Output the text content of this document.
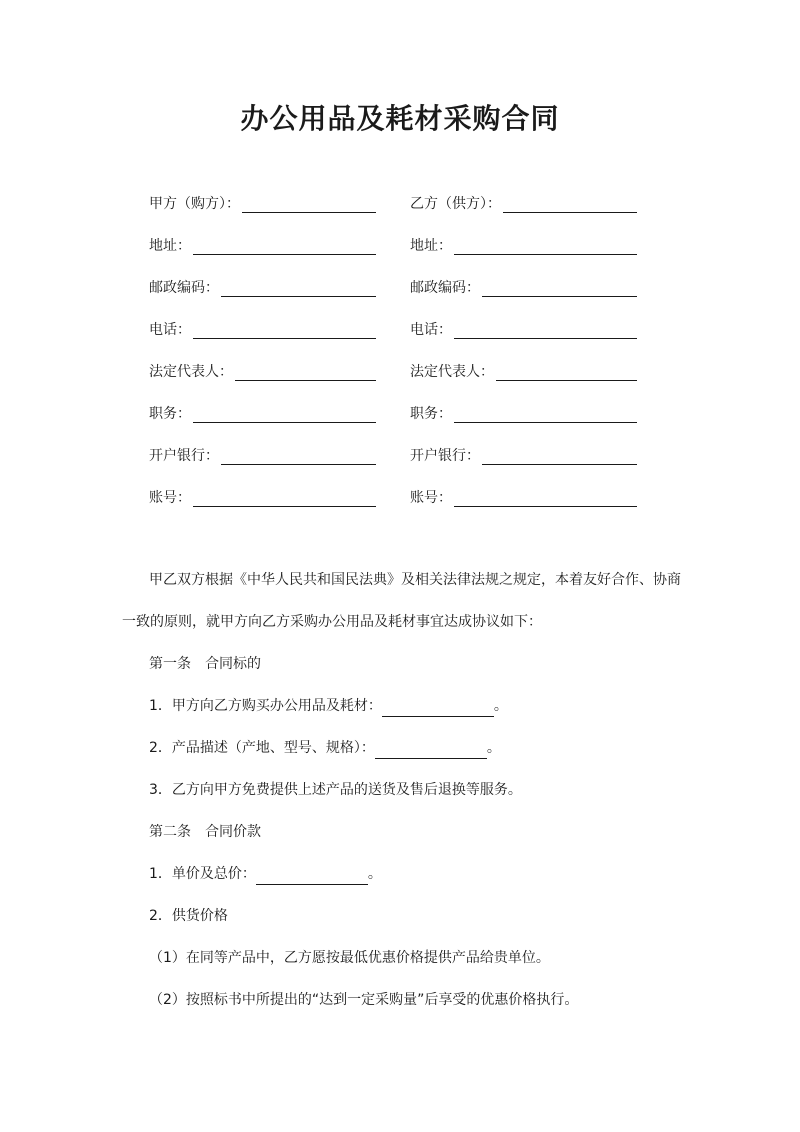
办公用品及耗材采购合同
甲方（购方）：	乙方（供方）：
地址：	地址：
邮政编码：	邮政编码：
电话：	电话：
法定代表人：	法定代表人：
职务：	职务：
开户银行：	开户银行：
账号：	账号：
甲乙双方根据《中华人民共和国民法典》及相关法律法规之规定，本着友好合作、协商
一致的原则，就甲方向乙方采购办公用品及耗材事宜达成协议如下：
第一条　合同标的
1．甲方向乙方购买办公用品及耗材：	。
2．产品描述（产地、型号、规格）：	。
3．乙方向甲方免费提供上述产品的送货及售后退换等服务。
第二条　合同价款
1．单价及总价：	。
2．供货价格
（1）在同等产品中，乙方愿按最低优惠价格提供产品给贵单位。
（2）按照标书中所提出的“达到一定采购量”后享受的优惠价格执行。
